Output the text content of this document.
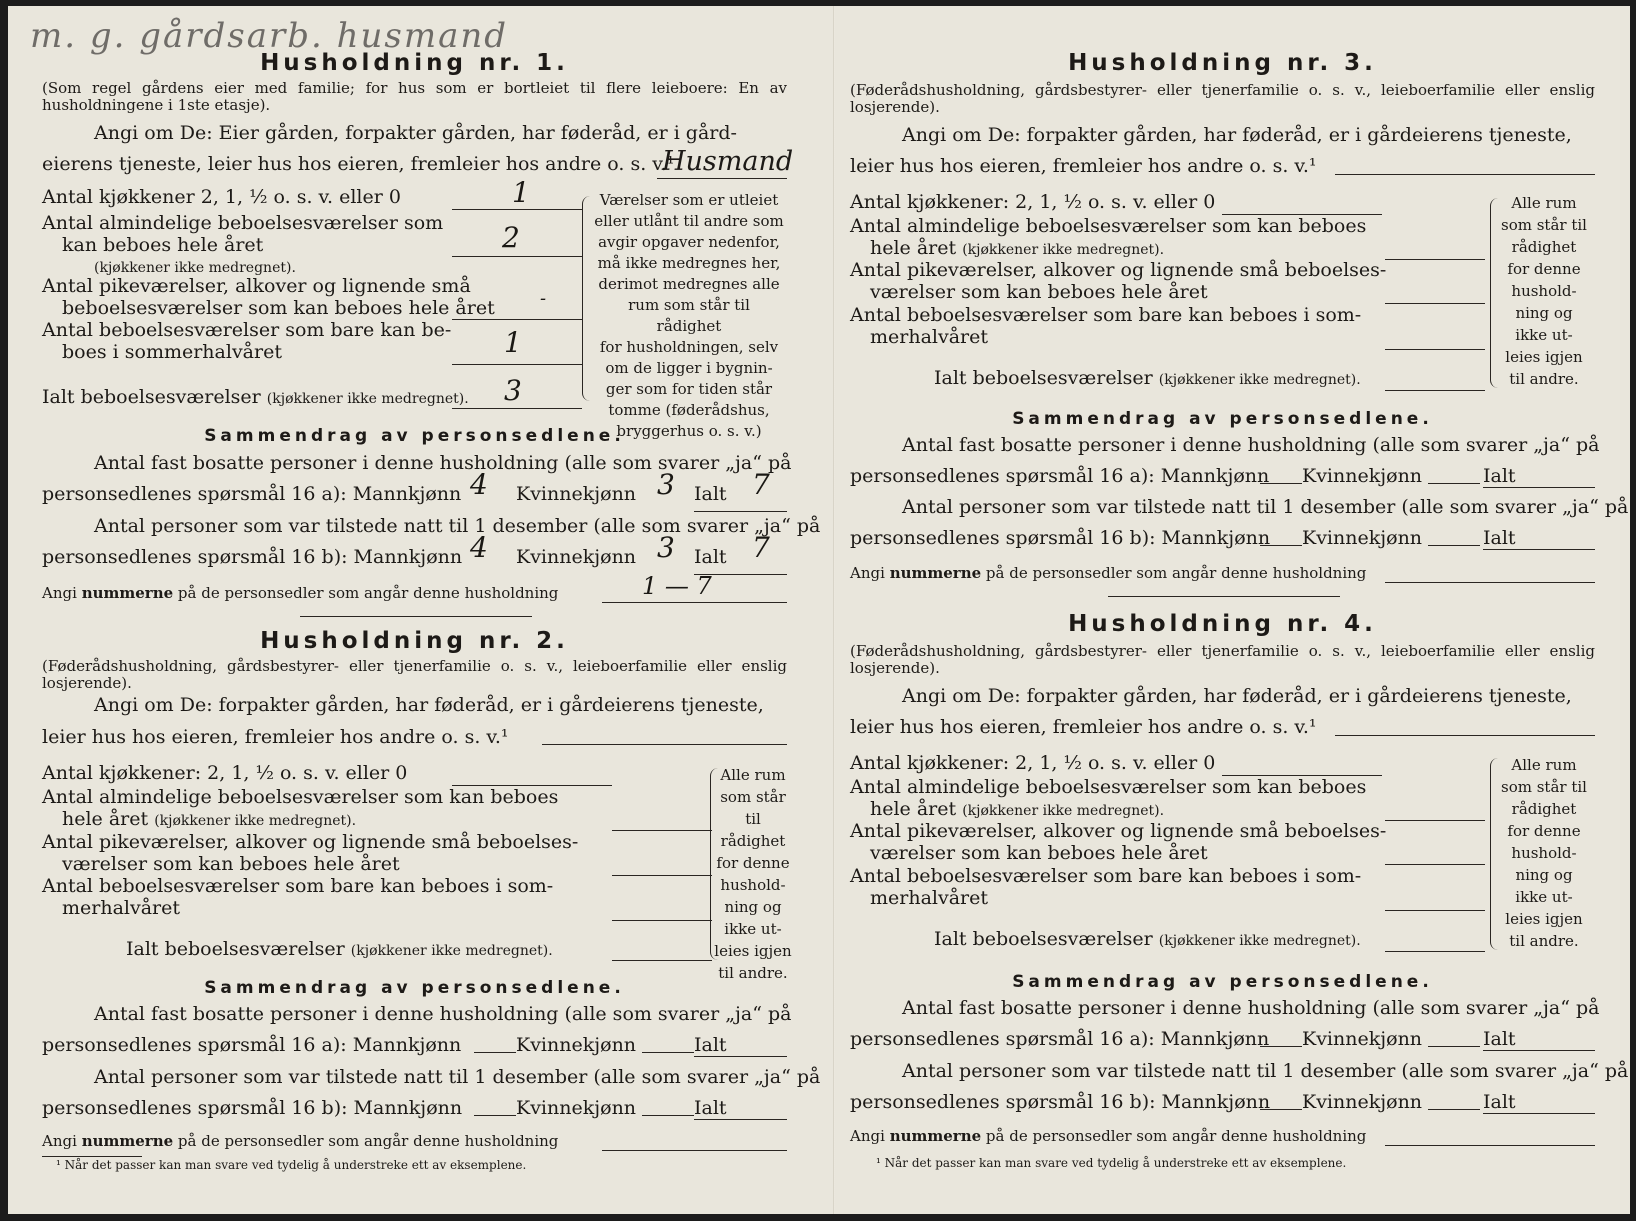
m. g. gårdsarb. husmand
Husholdning nr. 1.
(Som regel gårdens eier med familie; for hus som er bortleiet til flere leieboere: En av husholdningene i 1ste etasje).
Angi om De: Eier gården, forpakter gården, har føderåd, er i gård-
eierens tjeneste, leier hus hos eieren, fremleier hos andre o. s. v.¹
Husmand
Antal kjøkkener 2, 1, ½ o. s. v. eller 0	1
Antal almindelige beboelsesværelser som
kan beboes hele året
(kjøkkener ikke medregnet).
2
Antal pikeværelser, alkover og lignende små
beboelsesværelser som kan beboes hele året	-
Antal beboelsesværelser som bare kan be-
boes i sommerhalvåret	1
Ialt beboelsesværelser (kjøkkener ikke medregnet). 3
Værelser som er utleiet
eller utlånt til andre som
avgir opgaver nedenfor,
må ikke medregnes her,
derimot medregnes alle
rum som står til rådighet
for husholdningen, selv
om de ligger i bygnin-
ger som for tiden står
tomme (føderådshus,
bryggerhus o. s. v.)
Sammendrag av personsedlene.
Antal fast bosatte personer i denne husholdning (alle som svarer „ja“ på
personsedlenes spørsmål 16 a): Mannkjønn 4 Kvinnekjønn 3 Ialt 7
Antal personer som var tilstede natt til 1 desember (alle som svarer „ja“ på
personsedlenes spørsmål 16 b): Mannkjønn 4 Kvinnekjønn 3 Ialt 7
Angi nummerne på de personsedler som angår denne husholdning	1 — 7
Husholdning nr. 2.
(Føderådshusholdning, gårdsbestyrer- eller tjenerfamilie o. s. v., leieboerfamilie eller enslig losjerende).
Angi om De: forpakter gården, har føderåd, er i gårdeierens tjeneste,
leier hus hos eieren, fremleier hos andre o. s. v.¹
Antal kjøkkener: 2, 1, ½ o. s. v. eller 0
Antal almindelige beboelsesværelser som kan beboes
hele året (kjøkkener ikke medregnet).
Antal pikeværelser, alkover og lignende små beboelses-
værelser som kan beboes hele året
Antal beboelsesværelser som bare kan beboes i som-
merhalvåret
Ialt beboelsesværelser (kjøkkener ikke medregnet).
Alle rum
som står til
rådighet
for denne
hushold-
ning og
ikke ut-
leies igjen
til andre.
Sammendrag av personsedlene.
Antal fast bosatte personer i denne husholdning (alle som svarer „ja“ på
personsedlenes spørsmål 16 a): Mannkjønn	Kvinnekjønn	Ialt
Antal personer som var tilstede natt til 1 desember (alle som svarer „ja“ på
personsedlenes spørsmål 16 b): Mannkjønn	Kvinnekjønn	Ialt
Angi nummerne på de personsedler som angår denne husholdning
¹ Når det passer kan man svare ved tydelig å understreke ett av eksemplene.
Husholdning nr. 3.
(Føderådshusholdning, gårdsbestyrer- eller tjenerfamilie o. s. v., leieboerfamilie eller enslig losjerende).
Angi om De: forpakter gården, har føderåd, er i gårdeierens tjeneste,
leier hus hos eieren, fremleier hos andre o. s. v.¹
Antal kjøkkener: 2, 1, ½ o. s. v. eller 0
Antal almindelige beboelsesværelser som kan beboes
hele året (kjøkkener ikke medregnet).
Antal pikeværelser, alkover og lignende små beboelses-
værelser som kan beboes hele året
Antal beboelsesværelser som bare kan beboes i som-
merhalvåret
Ialt beboelsesværelser (kjøkkener ikke medregnet).
Alle rum
som står til
rådighet
for denne
hushold-
ning og
ikke ut-
leies igjen
til andre.
Sammendrag av personsedlene.
Antal fast bosatte personer i denne husholdning (alle som svarer „ja“ på
personsedlenes spørsmål 16 a): Mannkjønn Kvinnekjønn	Ialt
Antal personer som var tilstede natt til 1 desember (alle som svarer „ja“ på
personsedlenes spørsmål 16 b): Mannkjønn Kvinnekjønn	Ialt
Angi nummerne på de personsedler som angår denne husholdning
Husholdning nr. 4.
(Føderådshusholdning, gårdsbestyrer- eller tjenerfamilie o. s. v., leieboerfamilie eller enslig losjerende).
Angi om De: forpakter gården, har føderåd, er i gårdeierens tjeneste,
leier hus hos eieren, fremleier hos andre o. s. v.¹
Antal kjøkkener: 2, 1, ½ o. s. v. eller 0
Antal almindelige beboelsesværelser som kan beboes
hele året (kjøkkener ikke medregnet).
Antal pikeværelser, alkover og lignende små beboelses-
værelser som kan beboes hele året
Antal beboelsesværelser som bare kan beboes i som-
merhalvåret
Ialt beboelsesværelser (kjøkkener ikke medregnet).
Alle rum
som står til
rådighet
for denne
hushold-
ning og
ikke ut-
leies igjen
til andre.
Sammendrag av personsedlene.
Antal fast bosatte personer i denne husholdning (alle som svarer „ja“ på
personsedlenes spørsmål 16 a): Mannkjønn Kvinnekjønn	Ialt
Antal personer som var tilstede natt til 1 desember (alle som svarer „ja“ på
personsedlenes spørsmål 16 b): Mannkjønn Kvinnekjønn	Ialt
Angi nummerne på de personsedler som angår denne husholdning
¹ Når det passer kan man svare ved tydelig å understreke ett av eksemplene.
